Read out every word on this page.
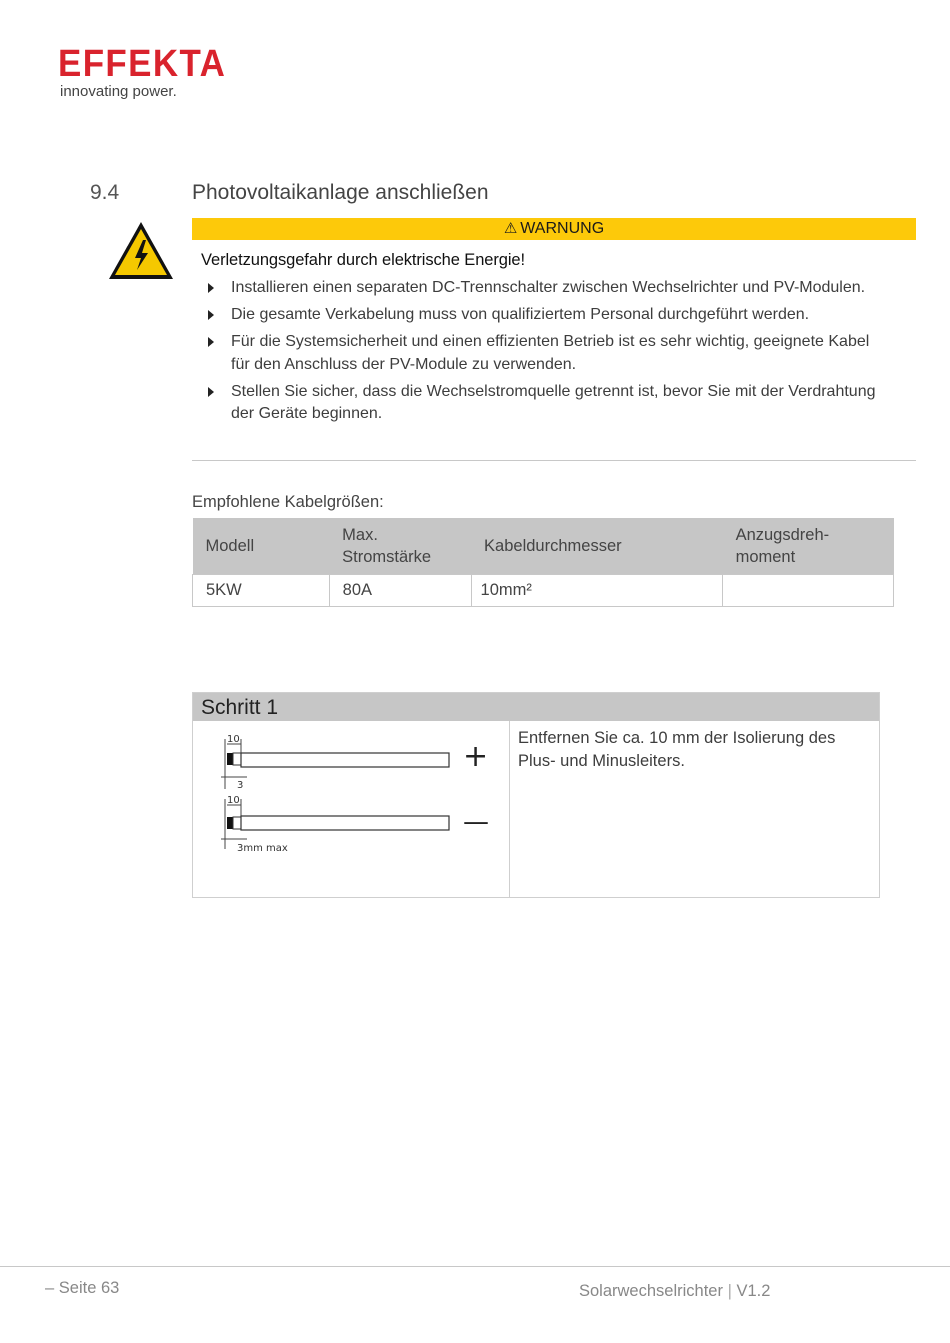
EFFEKTA
innovating power.
9.4	Photovoltaikanlage anschließen
⚠ WARNUNG
Verletzungsgefahr durch elektrische Energie!
Installieren einen separaten DC-Trennschalter zwischen Wechselrichter und PV-Modulen.
Die gesamte Verkabelung muss von qualifiziertem Personal durchgeführt werden.
Für die Systemsicherheit und einen effizienten Betrieb ist es sehr wichtig, geeignete Kabel für den Anschluss der PV-Module zu verwenden.
Stellen Sie sicher, dass die Wechselstromquelle getrennt ist, bevor Sie mit der Verdrahtung der Geräte beginnen.
Empfohlene Kabelgrößen:
Modell	Max. Stromstärke	Kabeldurchmesser	Anzugsdreh-moment
5KW	80A	10mm²	
Schritt 1
10
3
+
10
3mm max
—
Entfernen Sie ca. 10 mm der Isolierung des Plus- und Minusleiters.
– Seite 63	Solarwechselrichter | V1.2
